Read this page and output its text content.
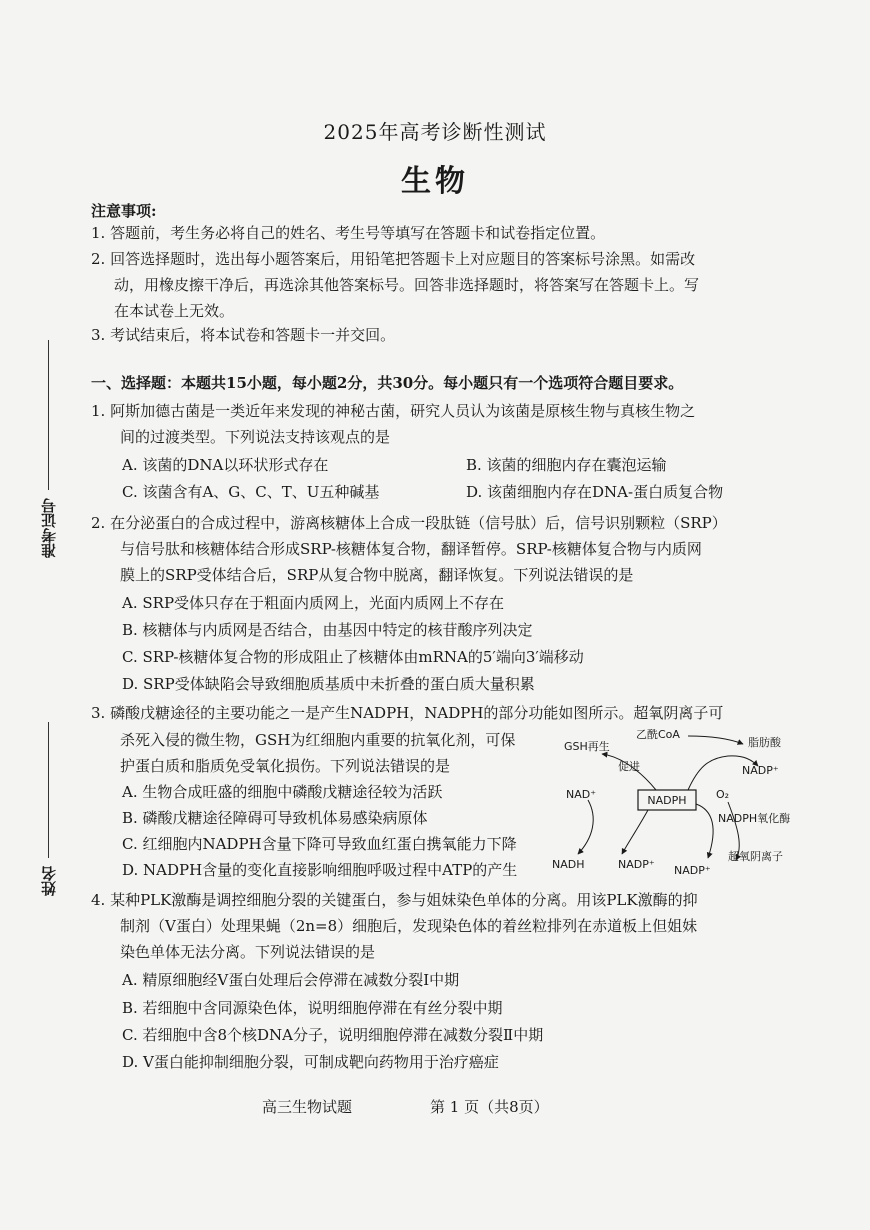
2025年高考诊断性测试
生物
注意事项:
1. 答题前，考生务必将自己的姓名、考生号等填写在答题卡和试卷指定位置。
2. 回答选择题时，选出每小题答案后，用铅笔把答题卡上对应题目的答案标号涂黑。如需改
动，用橡皮擦干净后，再选涂其他答案标号。回答非选择题时，将答案写在答题卡上。写
在本试卷上无效。
3. 考试结束后，将本试卷和答题卡一并交回。
准考证号
姓名
一、选择题：本题共15小题，每小题2分，共30分。每小题只有一个选项符合题目要求。
1. 阿斯加德古菌是一类近年来发现的神秘古菌，研究人员认为该菌是原核生物与真核生物之
间的过渡类型。下列说法支持该观点的是
A. 该菌的DNA以环状形式存在	B. 该菌的细胞内存在囊泡运输
C. 该菌含有A、G、C、T、U五种碱基	D. 该菌细胞内存在DNA-蛋白质复合物
2. 在分泌蛋白的合成过程中，游离核糖体上合成一段肽链（信号肽）后，信号识别颗粒（SRP）
与信号肽和核糖体结合形成SRP-核糖体复合物，翻译暂停。SRP-核糖体复合物与内质网
膜上的SRP受体结合后，SRP从复合物中脱离，翻译恢复。下列说法错误的是
A. SRP受体只存在于粗面内质网上，光面内质网上不存在
B. 核糖体与内质网是否结合，由基因中特定的核苷酸序列决定
C. SRP-核糖体复合物的形成阻止了核糖体由mRNA的5′端向3′端移动
D. SRP受体缺陷会导致细胞质基质中未折叠的蛋白质大量积累
3. 磷酸戊糖途径的主要功能之一是产生NADPH，NADPH的部分功能如图所示。超氧阴离子可
杀死入侵的微生物，GSH为红细胞内重要的抗氧化剂，可保
护蛋白质和脂质免受氧化损伤。下列说法错误的是
A. 生物合成旺盛的细胞中磷酸戊糖途径较为活跃
B. 磷酸戊糖途径障碍可导致机体易感染病原体
C. 红细胞内NADPH含量下降可导致血红蛋白携氧能力下降
D. NADPH含量的变化直接影响细胞呼吸过程中ATP的产生
NADPH
GSH再生
乙酰CoA
脂肪酸
NADP⁺
促进
O₂
NADPH氧化酶
NADP⁺
超氧阴离子
NAD⁺
NADH	NADP⁺
4. 某种PLK激酶是调控细胞分裂的关键蛋白，参与姐妹染色单体的分离。用该PLK激酶的抑
制剂（V蛋白）处理果蝇（2n=8）细胞后，发现染色体的着丝粒排列在赤道板上但姐妹
染色单体无法分离。下列说法错误的是
A. 精原细胞经V蛋白处理后会停滞在减数分裂Ⅰ中期
B. 若细胞中含同源染色体，说明细胞停滞在有丝分裂中期
C. 若细胞中含8个核DNA分子，说明细胞停滞在减数分裂Ⅱ中期
D. V蛋白能抑制细胞分裂，可制成靶向药物用于治疗癌症
高三生物试题	第 1 页（共8页）
